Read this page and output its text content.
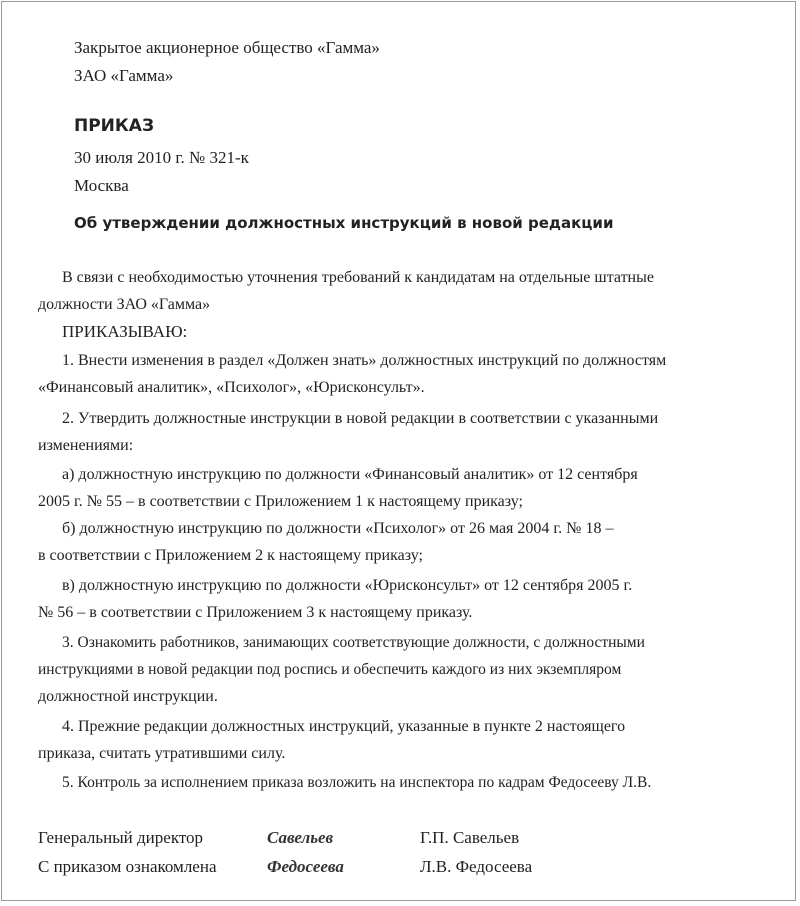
Закрытое акционерное общество «Гамма»
ЗАО «Гамма»
ПРИКАЗ
30 июля 2010 г. № 321-к
Москва
Об утверждении должностных инструкций в новой редакции
В связи с необходимостью уточнения требований к кандидатам на отдельные штатные
должности ЗАО «Гамма»
ПРИКАЗЫВАЮ:
1. Внести изменения в раздел «Должен знать» должностных инструкций по должностям
«Финансовый аналитик», «Психолог», «Юрисконсульт».
2. Утвердить должностные инструкции в новой редакции в соответствии с указанными
изменениями:
а) должностную инструкцию по должности «Финансовый аналитик» от 12 сентября
2005 г. № 55 – в соответствии с Приложением 1 к настоящему приказу;
б) должностную инструкцию по должности «Психолог» от 26 мая 2004 г. № 18 –
в соответствии с Приложением 2 к настоящему приказу;
в) должностную инструкцию по должности «Юрисконсульт» от 12 сентября 2005 г.
№ 56 – в соответствии с Приложением 3 к настоящему приказу.
3. Ознакомить работников, занимающих соответствующие должности, с должностными
инструкциями в новой редакции под роспись и обеспечить каждого из них экземпляром
должностной инструкции.
4. Прежние редакции должностных инструкций, указанные в пункте 2 настоящего
приказа, считать утратившими силу.
5. Контроль за исполнением приказа возложить на инспектора по кадрам Федосееву Л.В.
Генеральный директор	Савельев	Г.П. Савельев
С приказом ознакомлена	Федосеева	Л.В. Федосеева
